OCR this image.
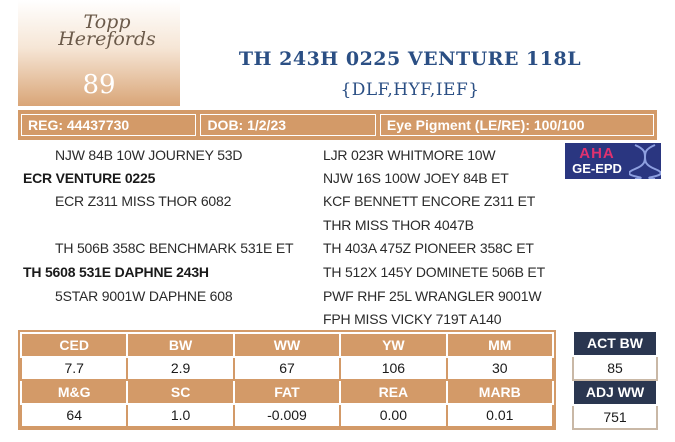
Topp
Herefords
89
TH 243H 0225 VENTURE 118L
{DLF,HYF,IEF}
REG: 44437730	DOB: 1/2/23	Eye Pigment (LE/RE): 100/100
NJW 84B 10W JOURNEY 53D
ECR VENTURE 0225
ECR Z311 MISS THOR 6082
LJR 023R WHITMORE 10W
NJW 16S 100W JOEY 84B ET
KCF BENNETT ENCORE Z311 ET
THR MISS THOR 4047B
TH 506B 358C BENCHMARK 531E ET
TH 5608 531E DAPHNE 243H
5STAR 9001W DAPHNE 608
TH 403A 475Z PIONEER 358C ET
TH 512X 145Y DOMINETE 506B ET
PWF RHF 25L WRANGLER 9001W
FPH MISS VICKY 719T A140
AHA
GE-EPD
CED	BW	WW	YW	MM
7.7	2.9	67	106	30
M&G	SC	FAT	REA	MARB
64	1.0	-0.009	0.00	0.01
ACT BW
85
ADJ WW
751
